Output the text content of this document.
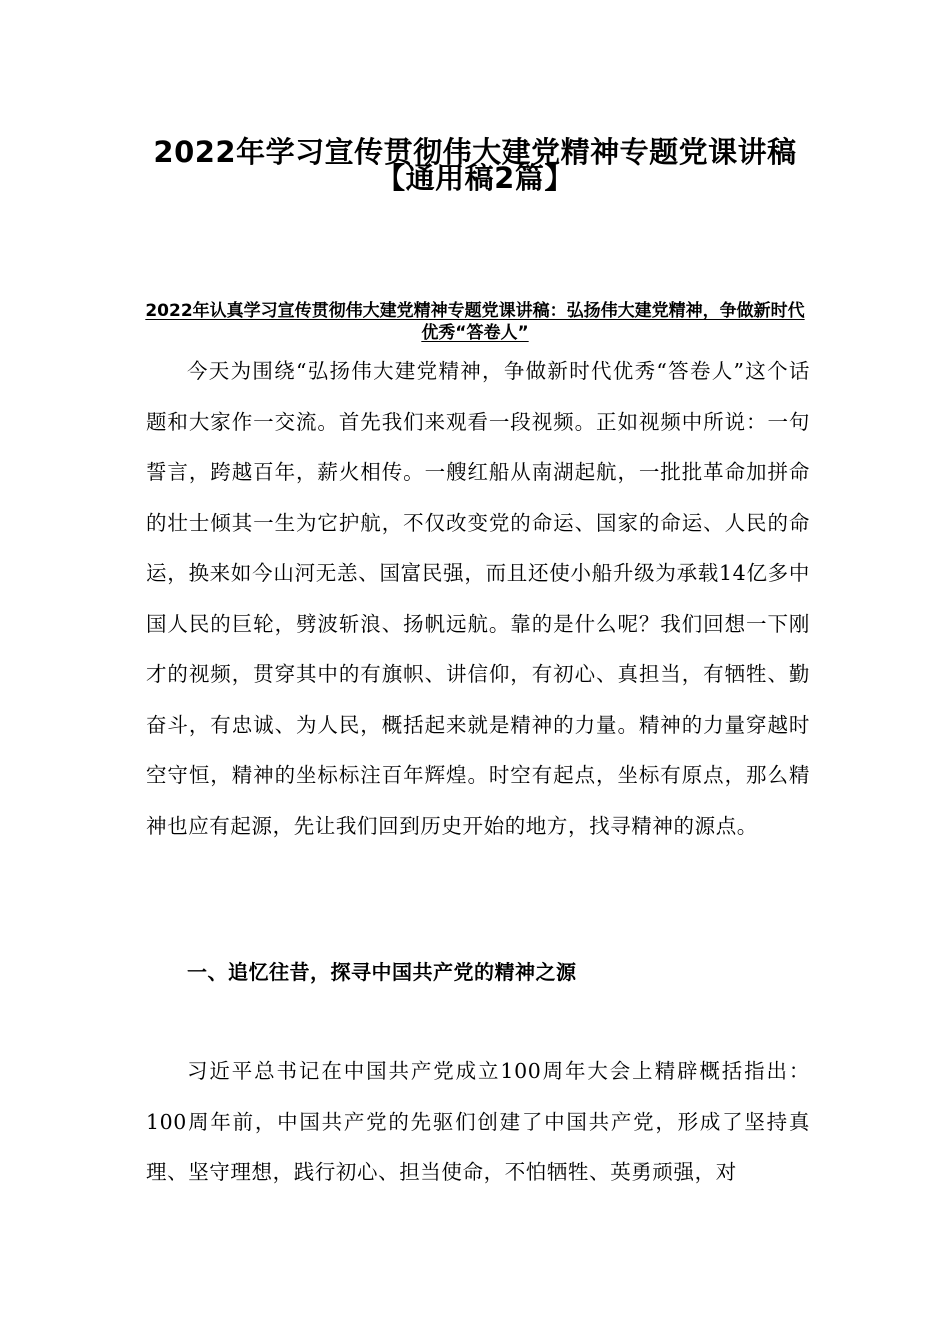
2022年学习宣传贯彻伟大建党精神专题党课讲稿
【通用稿2篇】
2022年认真学习宣传贯彻伟大建党精神专题党课讲稿：弘扬伟大建党精神，争做新时代优秀“答卷人”

今天为围绕“弘扬伟大建党精神，争做新时代优秀“答卷人”这个话题和大家作一交流。首先我们来观看一段视频。正如视频中所说：一句誓言，跨越百年，薪火相传。一艘红船从南湖起航，一批批革命加拼命的壮士倾其一生为它护航，不仅改变党的命运、国家的命运、人民的命运，换来如今山河无恙、国富民强，而且还使小船升级为承载14亿多中国人民的巨轮，劈波斩浪、扬帆远航。靠的是什么呢？我们回想一下刚才的视频，贯穿其中的有旗帜、讲信仰，有初心、真担当，有牺牲、勤奋斗，有忠诚、为人民，概括起来就是精神的力量。精神的力量穿越时空守恒，精神的坐标标注百年辉煌。时空有起点，坐标有原点，那么精神也应有起源，先让我们回到历史开始的地方，找寻精神的源点。

一、追忆往昔，探寻中国共产党的精神之源

习近平总书记在中国共产党成立100周年大会上精辟概括指出：100周年前，中国共产党的先驱们创建了中国共产党，形成了坚持真理、坚守理想，践行初心、担当使命，不怕牺牲、英勇顽强，对
